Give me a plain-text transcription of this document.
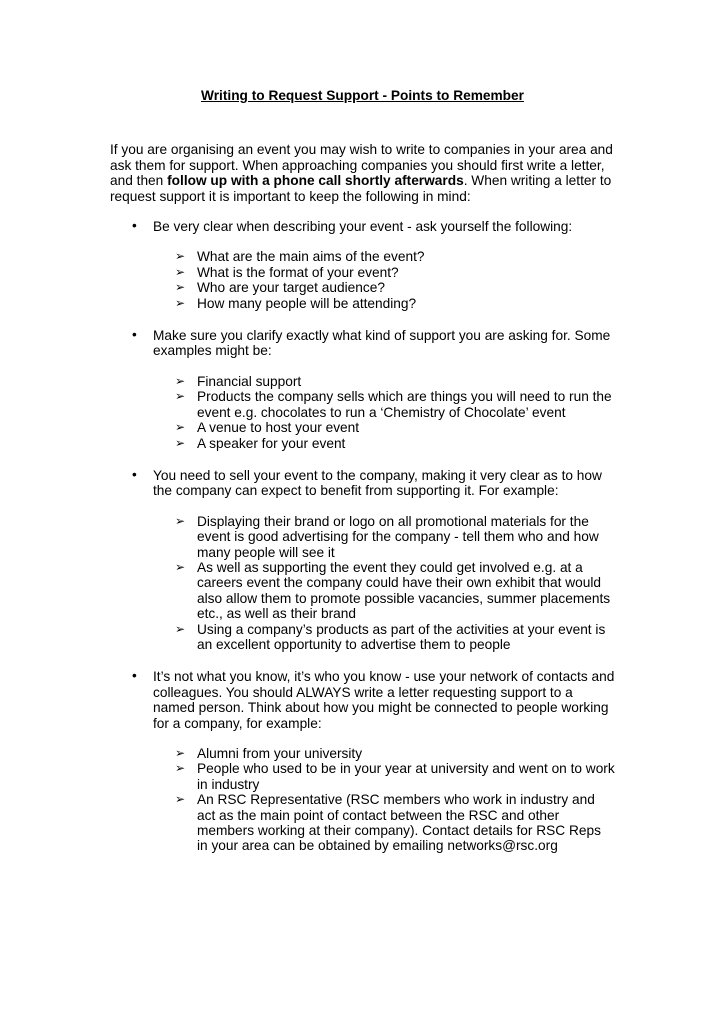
Writing to Request Support - Points to Remember

If you are organising an event you may wish to write to companies in your area and ask them for support. When approaching companies you should first write a letter, and then follow up with a phone call shortly afterwards. When writing a letter to request support it is important to keep the following in mind:

• Be very clear when describing your event - ask yourself the following:
➢ What are the main aims of the event?
➢ What is the format of your event?
➢ Who are your target audience?
➢ How many people will be attending?
• Make sure you clarify exactly what kind of support you are asking for. Some examples might be:
➢ Financial support
➢ Products the company sells which are things you will need to run the event e.g. chocolates to run a ‘Chemistry of Chocolate’ event
➢ A venue to host your event
➢ A speaker for your event
• You need to sell your event to the company, making it very clear as to how the company can expect to benefit from supporting it. For example:
➢ Displaying their brand or logo on all promotional materials for the event is good advertising for the company - tell them who and how many people will see it
➢ As well as supporting the event they could get involved e.g. at a careers event the company could have their own exhibit that would also allow them to promote possible vacancies, summer placements etc., as well as their brand
➢ Using a company’s products as part of the activities at your event is an excellent opportunity to advertise them to people
• It’s not what you know, it’s who you know - use your network of contacts and colleagues. You should ALWAYS write a letter requesting support to a named person. Think about how you might be connected to people working for a company, for example:
➢ Alumni from your university
➢ People who used to be in your year at university and went on to work in industry
➢ An RSC Representative (RSC members who work in industry and act as the main point of contact between the RSC and other members working at their company). Contact details for RSC Reps in your area can be obtained by emailing networks@rsc.org
